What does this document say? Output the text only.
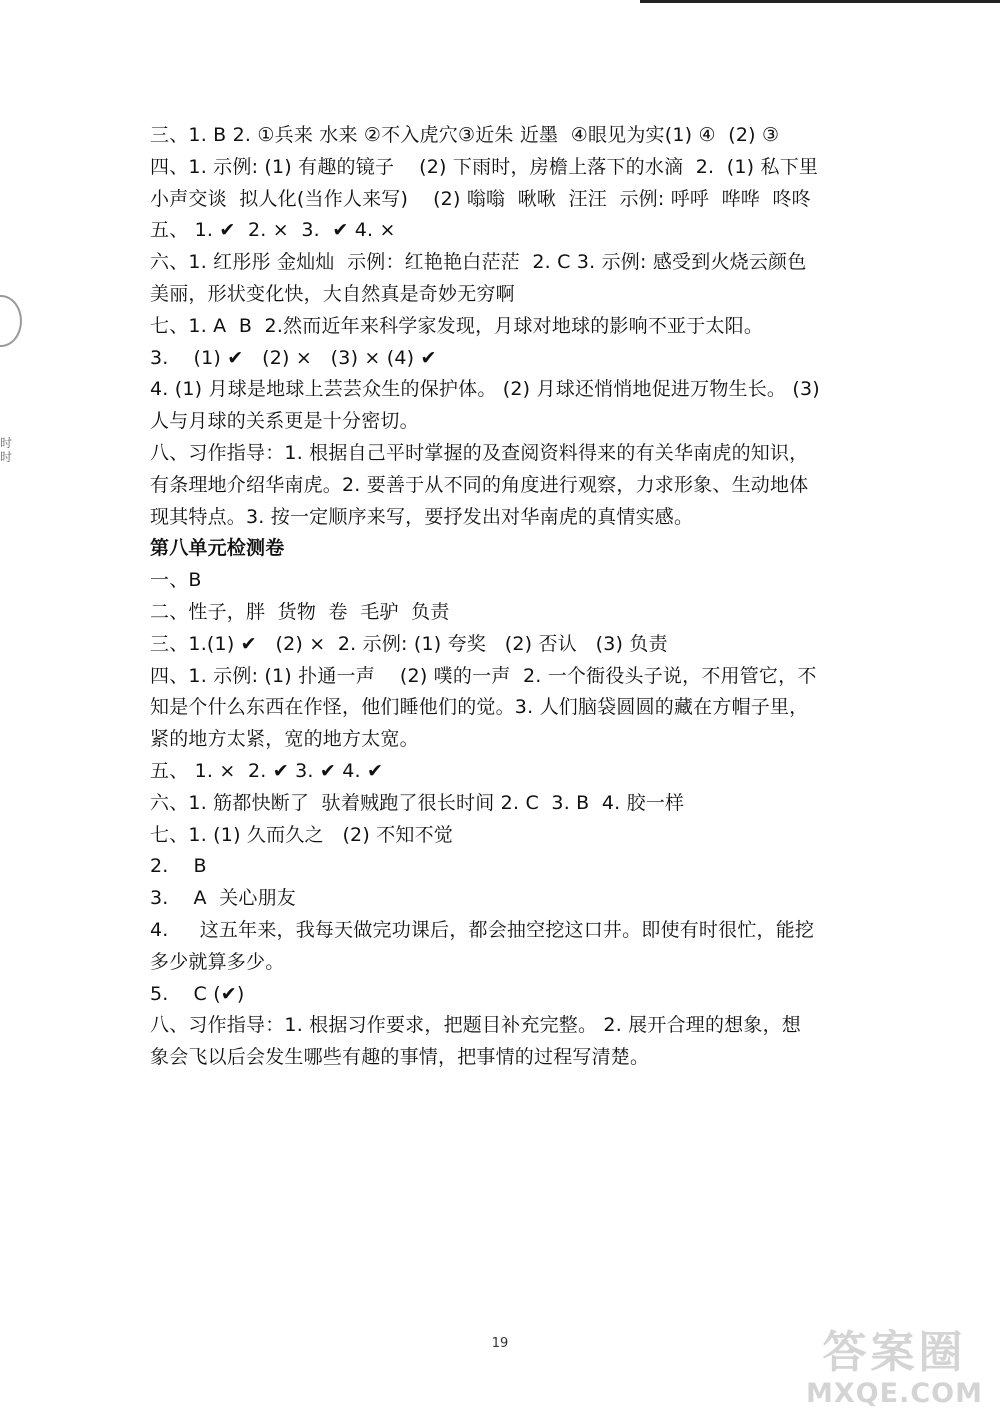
时时
三、1. B 2. ①兵来 水来 ②不入虎穴③近朱 近墨  ④眼见为实(1) ④  (2) ③
四、1. 示例: (1) 有趣的镜子    (2) 下雨时，房檐上落下的水滴  2.  (1) 私下里
小声交谈  拟人化(当作人来写)    (2) 嗡嗡  啾啾  汪汪  示例: 呼呼  哗哗  咚咚
五、 1. ✔  2. ×  3.  ✔ 4. ×
六、1. 红彤彤 金灿灿  示例：红艳艳白茫茫  2. C 3. 示例: 感受到火烧云颜色
美丽，形状变化快，大自然真是奇妙无穷啊
七、1. A  B  2.然而近年来科学家发现，月球对地球的影响不亚于太阳。
3.    (1) ✔   (2) ×   (3) × (4) ✔
4. (1) 月球是地球上芸芸众生的保护体。 (2) 月球还悄悄地促进万物生长。 (3)
人与月球的关系更是十分密切。
八、习作指导：1. 根据自己平时掌握的及查阅资料得来的有关华南虎的知识，
有条理地介绍华南虎。2. 要善于从不同的角度进行观察，力求形象、生动地体
现其特点。3. 按一定顺序来写，要抒发出对华南虎的真情实感。
第八单元检测卷
一、B
二、性子，胖  货物  卷  毛驴  负责
三、1.(1) ✔   (2) ×  2. 示例: (1) 夸奖   (2) 否认   (3) 负责
四、1. 示例: (1) 扑通一声    (2) 噗的一声  2. 一个衙役头子说，不用管它，不
知是个什么东西在作怪，他们睡他们的觉。3. 人们脑袋圆圆的藏在方帽子里，
紧的地方太紧，宽的地方太宽。
五、 1. ×  2. ✔ 3. ✔ 4. ✔
六、1. 筋都快断了  驮着贼跑了很长时间 2. C  3. B  4. 胶一样
七、1. (1) 久而久之   (2) 不知不觉
2.    B
3.    A  关心朋友
4.     这五年来，我每天做完功课后，都会抽空挖这口井。即使有时很忙，能挖
多少就算多少。
5.    C (✔)
八、习作指导：1. 根据习作要求，把题目补充完整。 2. 展开合理的想象，想
象会飞以后会发生哪些有趣的事情，把事情的过程写清楚。
19	答案圈
MXQE.COM
